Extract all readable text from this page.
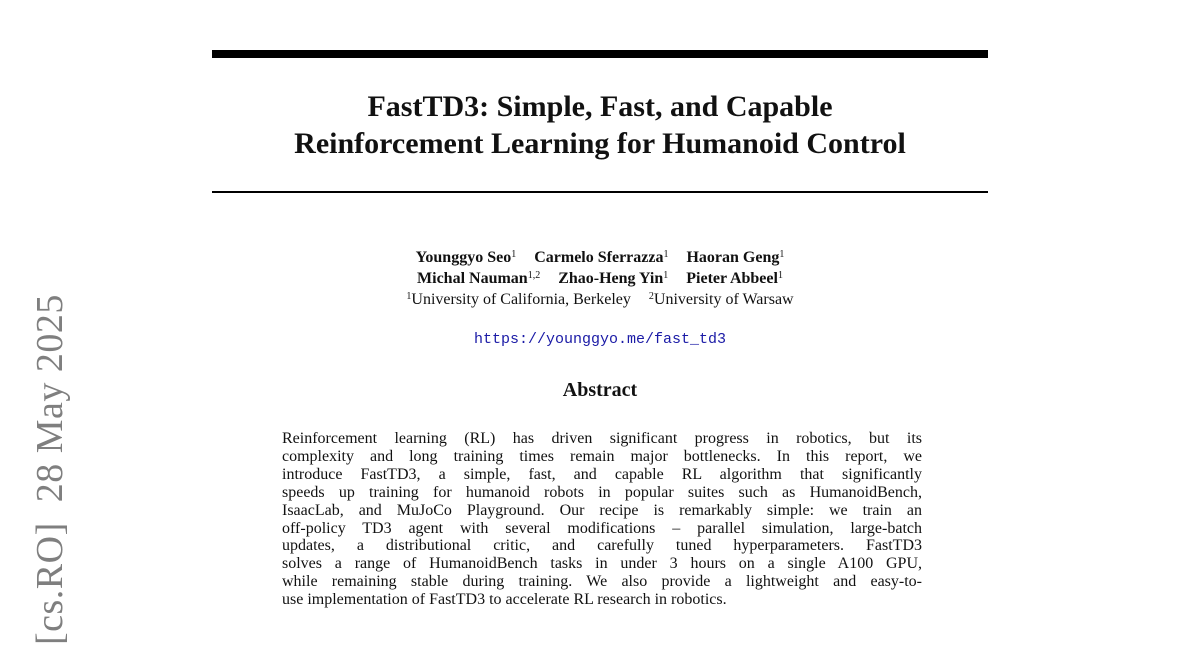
[cs.RO]  28 May 2025
FastTD3: Simple, Fast, and Capable
Reinforcement Learning for Humanoid Control
Younggyo Seo$^1$ Carmelo Sferrazza$^1$ Haoran Geng$^1$
Michal Nauman$^{1,2}$ Zhao-Heng Yin$^1$ Pieter Abbeel$^1$
$^1$University of California, Berkeley $^2$University of Warsaw
https://younggyo.me/fast_td3
Abstract
Reinforcement learning (RL) has driven significant progress in robotics, but its
complexity and long training times remain major bottlenecks. In this report, we
introduce FastTD3, a simple, fast, and capable RL algorithm that significantly
speeds up training for humanoid robots in popular suites such as HumanoidBench,
IsaacLab, and MuJoCo Playground. Our recipe is remarkably simple: we train an
off-policy TD3 agent with several modifications – parallel simulation, large-batch
updates, a distributional critic, and carefully tuned hyperparameters. FastTD3
solves a range of HumanoidBench tasks in under 3 hours on a single A100 GPU,
while remaining stable during training. We also provide a lightweight and easy-to-
use implementation of FastTD3 to accelerate RL research in robotics.
